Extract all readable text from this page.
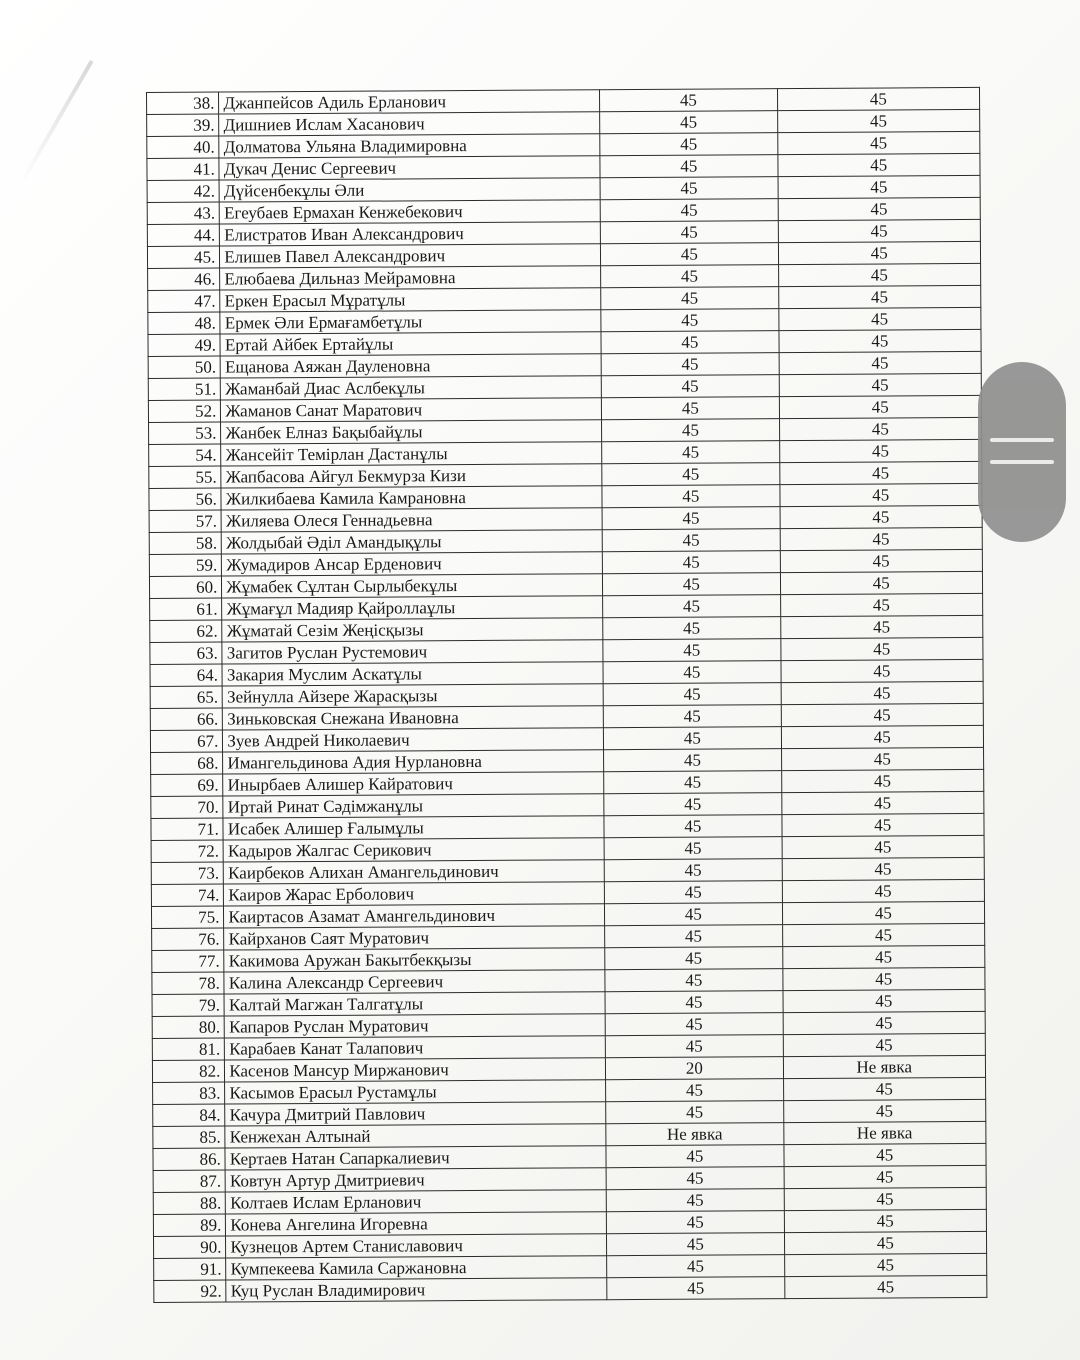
38.	Джанпейсов Адиль Ерланович	45	45
39.	Дишниев Ислам Хасанович	45	45
40.	Долматова Ульяна Владимировна	45	45
41.	Дукач Денис Сергеевич	45	45
42.	Дүйсенбекұлы Әли	45	45
43.	Егеубаев Ермахан Кенжебекович	45	45
44.	Елистратов Иван Александрович	45	45
45.	Елишев Павел Александрович	45	45
46.	Елюбаева Дильназ Мейрамовна	45	45
47.	Еркен Ерасыл Мұратұлы	45	45
48.	Ермек Әли Ермағамбетұлы	45	45
49.	Ертай Айбек Ертайұлы	45	45
50.	Ещанова Аяжан Дауленовна	45	45
51.	Жаманбай Диас Аслбекұлы	45	45
52.	Жаманов Санат Маратович	45	45
53.	Жанбек Елназ Бақыбайұлы	45	45
54.	Жансейіт Темірлан Дастанұлы	45	45
55.	Жапбасова Айгул Бекмурза Кизи	45	45
56.	Жилкибаева Камила Камрановна	45	45
57.	Жиляева Олеся Геннадьевна	45	45
58.	Жолдыбай Әділ Амандықұлы	45	45
59.	Жумадиров Ансар Ерденович	45	45
60.	Жұмабек Сұлтан Сырлыбекұлы	45	45
61.	Жұмағұл Мадияр Қайроллаұлы	45	45
62.	Жұматай Сезім Жеңісқызы	45	45
63.	Загитов Руслан Рустемович	45	45
64.	Закария Муслим Аскатұлы	45	45
65.	Зейнулла Айзере Жарасқызы	45	45
66.	Зиньковская Снежана Ивановна	45	45
67.	Зуев Андрей Николаевич	45	45
68.	Имангельдинова Адия Нурлановна	45	45
69.	Инырбаев Алишер Кайратович	45	45
70.	Иртай Ринат Сәдімжанұлы	45	45
71.	Исабек Алишер Ғалымұлы	45	45
72.	Кадыров Жалгас Серикович	45	45
73.	Каирбеков Алихан Амангельдинович	45	45
74.	Каиров Жарас Ерболович	45	45
75.	Каиртасов Азамат Амангельдинович	45	45
76.	Кайрханов Саят Муратович	45	45
77.	Какимова Аружан Бакытбекқызы	45	45
78.	Калина Александр Сергеевич	45	45
79.	Калтай Магжан Талгатұлы	45	45
80.	Капаров Руслан Муратович	45	45
81.	Карабаев Канат Талапович	45	45
82.	Касенов Мансур Миржанович	20	Не явка
83.	Касымов Ерасыл Рустамұлы	45	45
84.	Качура Дмитрий Павлович	45	45
85.	Кенжехан Алтынай	Не явка	Не явка
86.	Кертаев Натан Сапаркалиевич	45	45
87.	Ковтун Артур Дмитриевич	45	45
88.	Колтаев Ислам Ерланович	45	45
89.	Конева Ангелина Игоревна	45	45
90.	Кузнецов Артем Станиславович	45	45
91.	Кумпекеева Камила Саржановна	45	45
92.	Куц Руслан Владимирович	45	45
